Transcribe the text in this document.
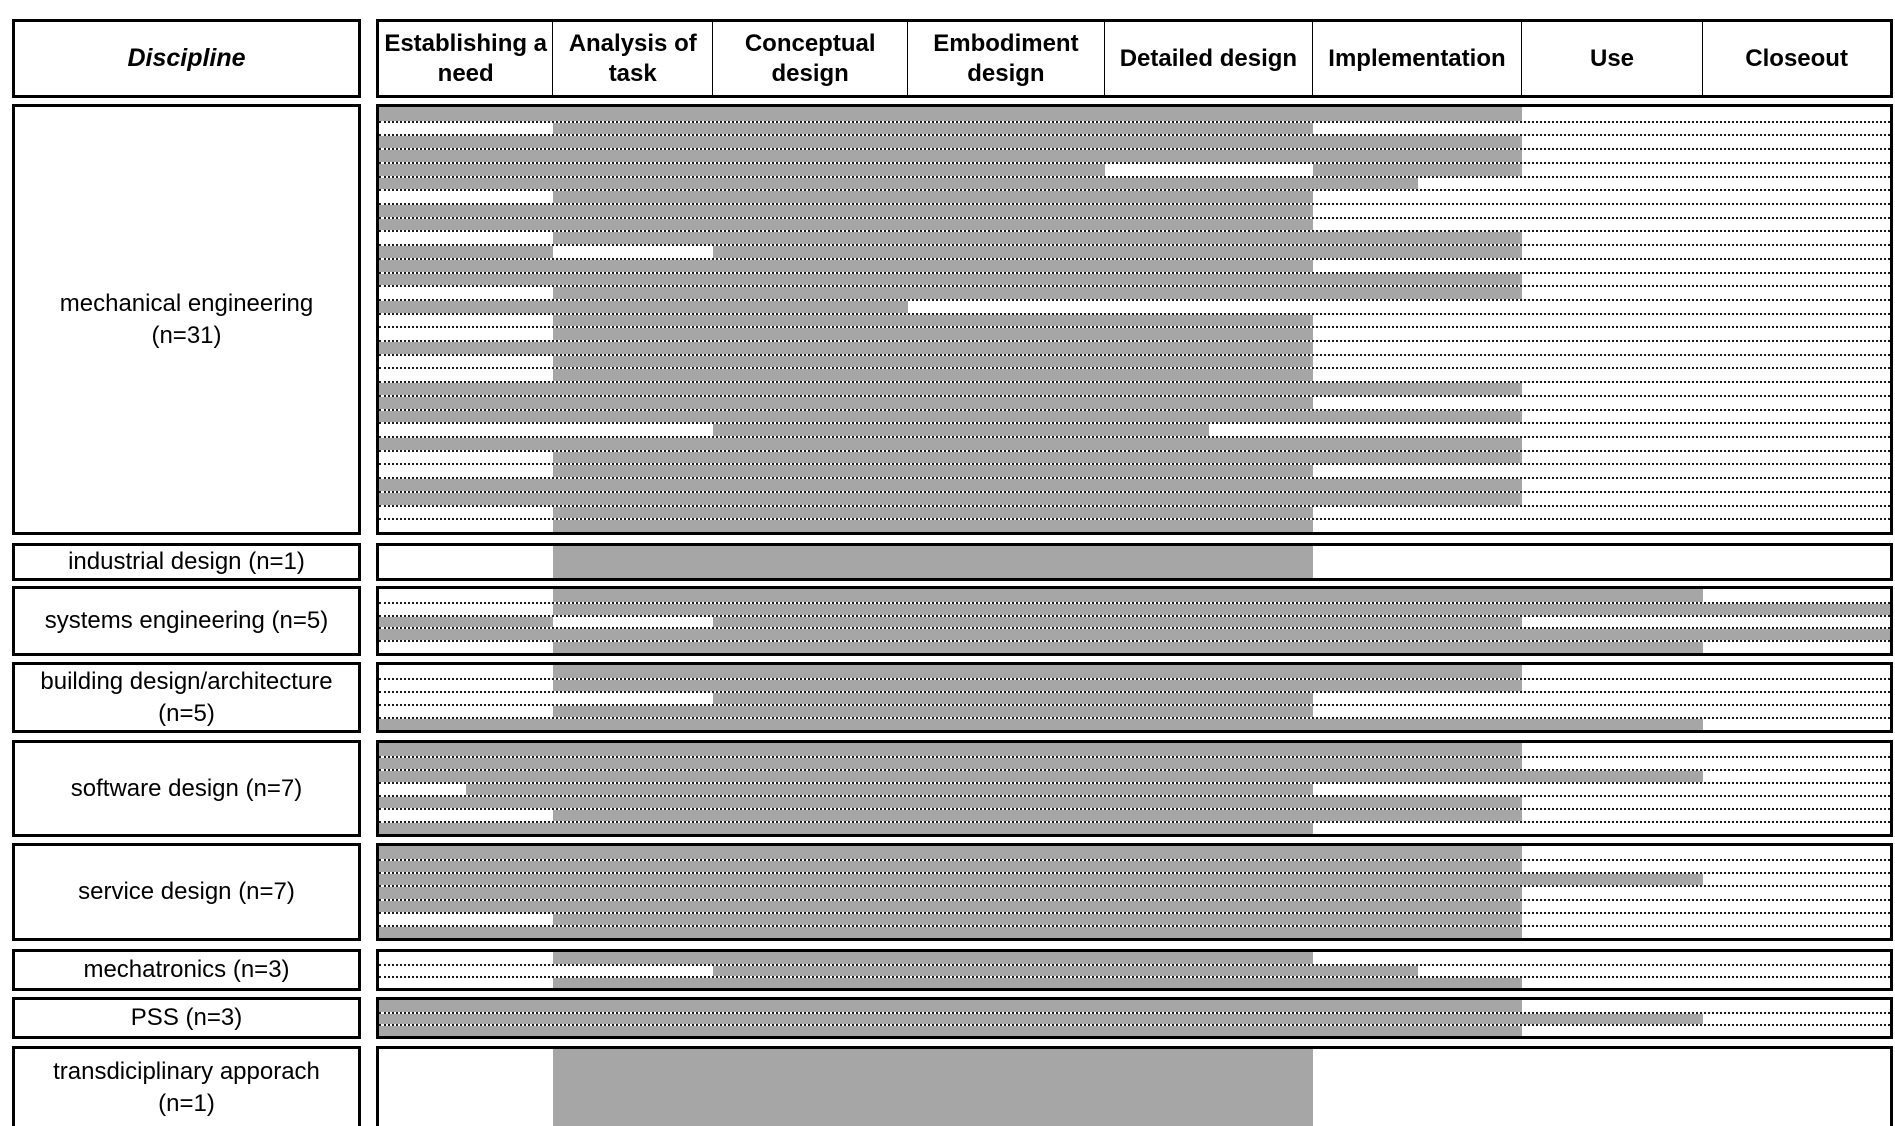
Discipline
Establishing a need
Analysis of task
Conceptual design
Embodiment design
Detailed design Implementation	Use	Closeout
mechanical engineering
(n=31)
industrial design (n=1)
systems engineering (n=5)
building design/architecture
(n=5)
software design (n=7)
service design (n=7)
mechatronics (n=3)
PSS (n=3)
transdiciplinary apporach
(n=1)
